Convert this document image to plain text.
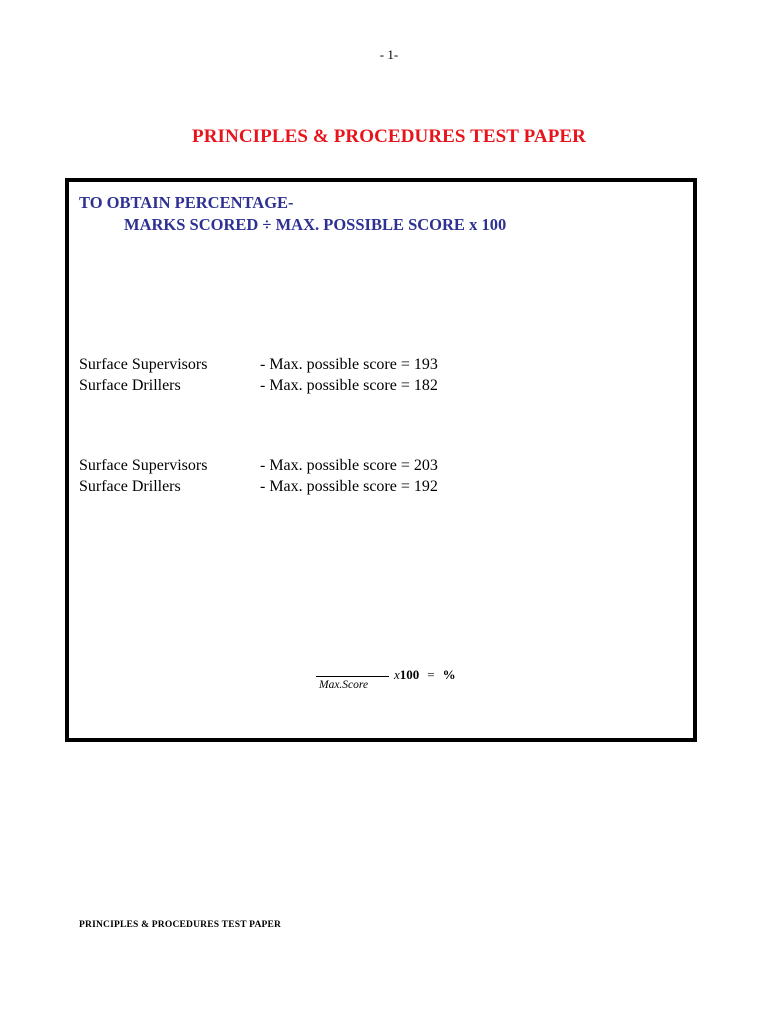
- 1-
PRINCIPLES & PROCEDURES TEST PAPER
TO OBTAIN PERCENTAGE-
MARKS SCORED ÷ MAX. POSSIBLE SCORE x 100
Surface Supervisors	- Max. possible score = 193
Surface Drillers	- Max. possible score = 182
Surface Supervisors	- Max. possible score = 203
Surface Drillers	- Max. possible score = 192
Max.Score
x100 = %
PRINCIPLES & PROCEDURES TEST PAPER
